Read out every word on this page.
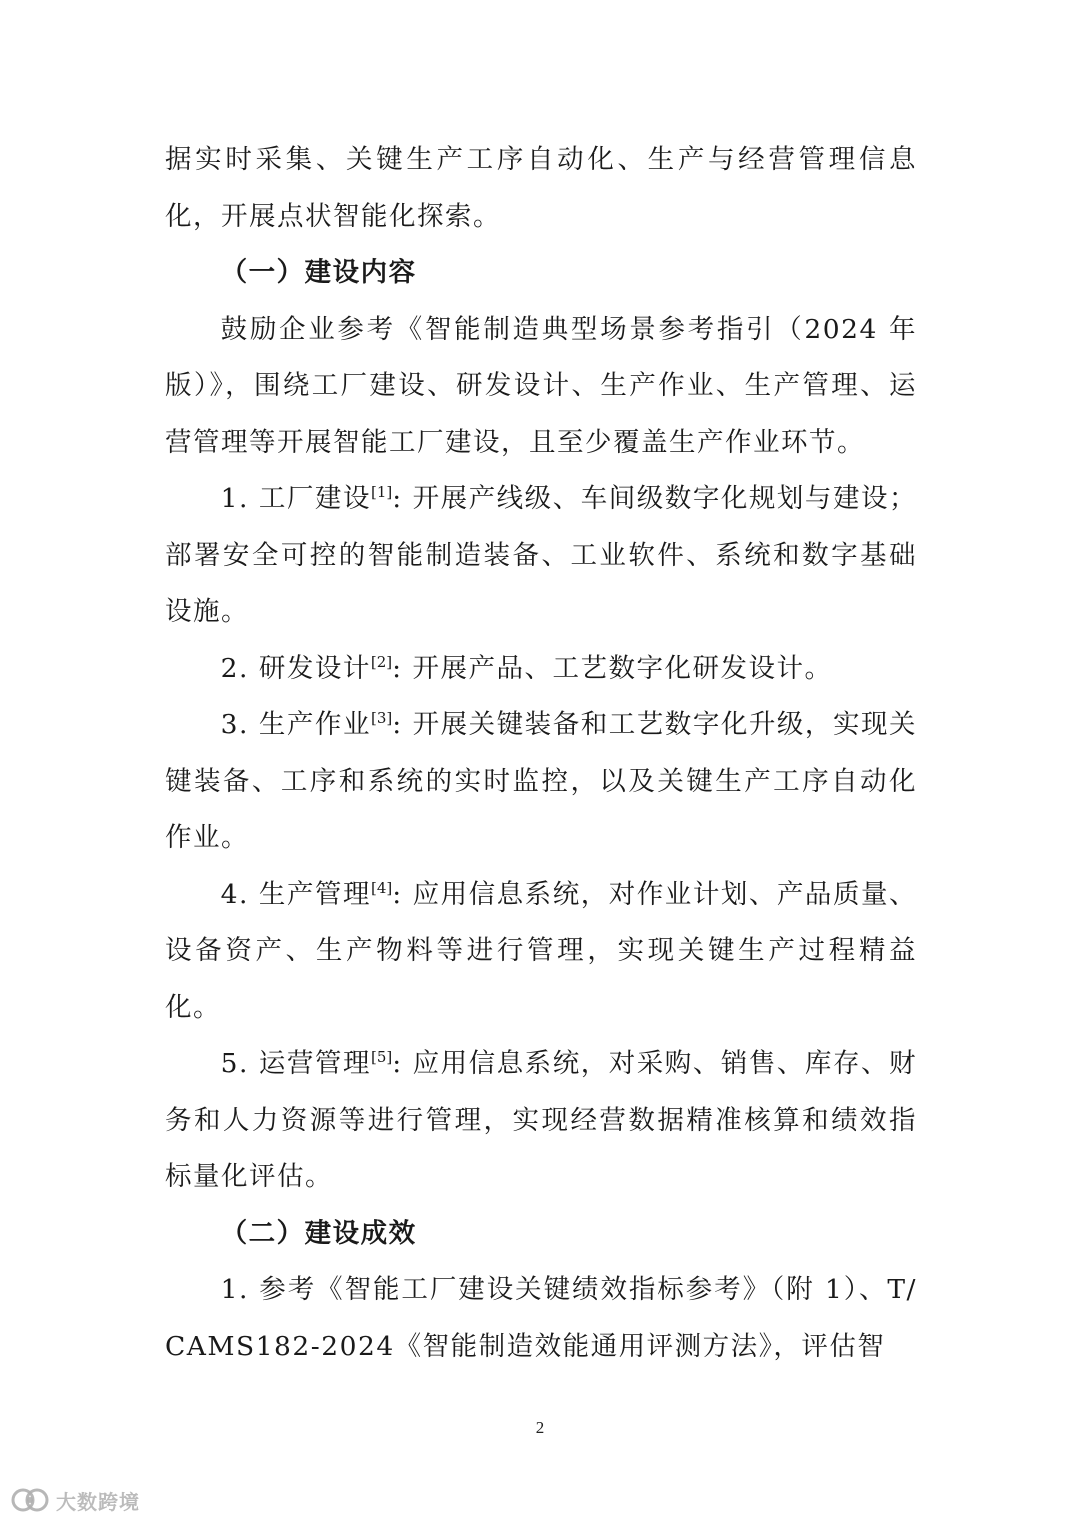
据实时采集、关键生产工序自动化、生产与经营管理信息化，开展点状智能化探索。

（一）建设内容

鼓励企业参考《智能制造典型场景参考指引（2024 年版）》，围绕工厂建设、研发设计、生产作业、生产管理、运营管理等开展智能工厂建设，且至少覆盖生产作业环节。

1. 工厂建设[1]: 开展产线级、车间级数字化规划与建设；部署安全可控的智能制造装备、工业软件、系统和数字基础设施。

2. 研发设计[2]: 开展产品、工艺数字化研发设计。

3. 生产作业[3]: 开展关键装备和工艺数字化升级，实现关键装备、工序和系统的实时监控，以及关键生产工序自动化作业。

4. 生产管理[4]: 应用信息系统，对作业计划、产品质量、设备资产、生产物料等进行管理，实现关键生产过程精益化。

5. 运营管理[5]: 应用信息系统，对采购、销售、库存、财务和人力资源等进行管理，实现经营数据精准核算和绩效指标量化评估。

（二）建设成效

1. 参考《智能工厂建设关键绩效指标参考》（附 1）、T/CAMS182-2024《智能制造效能通用评测方法》，评估智

2
大数跨境
